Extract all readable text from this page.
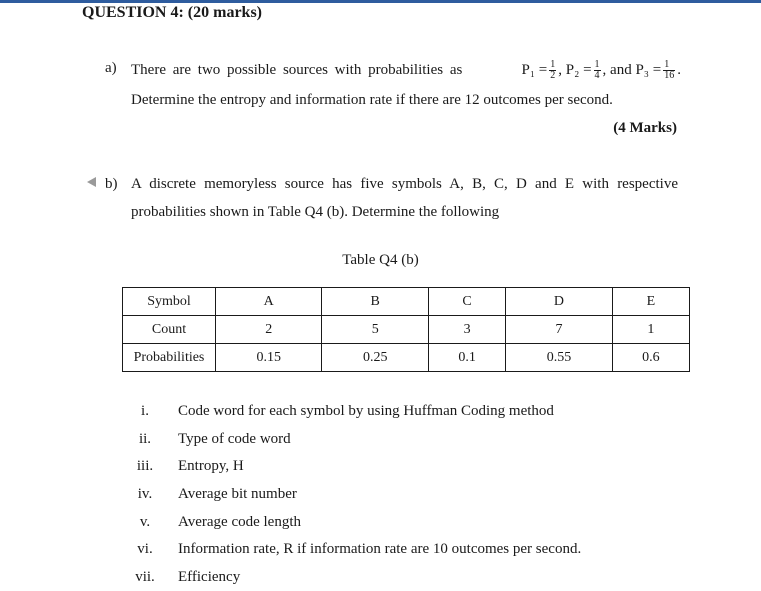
QUESTION 4: (20 marks)
a) There are two possible sources with probabilities as	$P_1 = \frac{1}{2}$ , $P_2 = \frac{1}{4}$ , and $P_3 = \frac{1}{16}$ .
Determine the entropy and information rate if there are 12 outcomes per second.
(4 Marks)
b) A discrete memoryless source has five symbols A, B, C, D and E with respective
probabilities shown in Table Q4 (b). Determine the following
Table Q4 (b)
Symbol	A	B	C	D	E
Count	2	5	3	7	1
Probabilities	0.15	0.25	0.1	0.55	0.6
i.	Code word for each symbol by using Huffman Coding method
ii.	Type of code word
iii.	Entropy, H
iv.	Average bit number
v.	Average code length
vi.	Information rate, R if information rate are 10 outcomes per second.
vii.	Efficiency
